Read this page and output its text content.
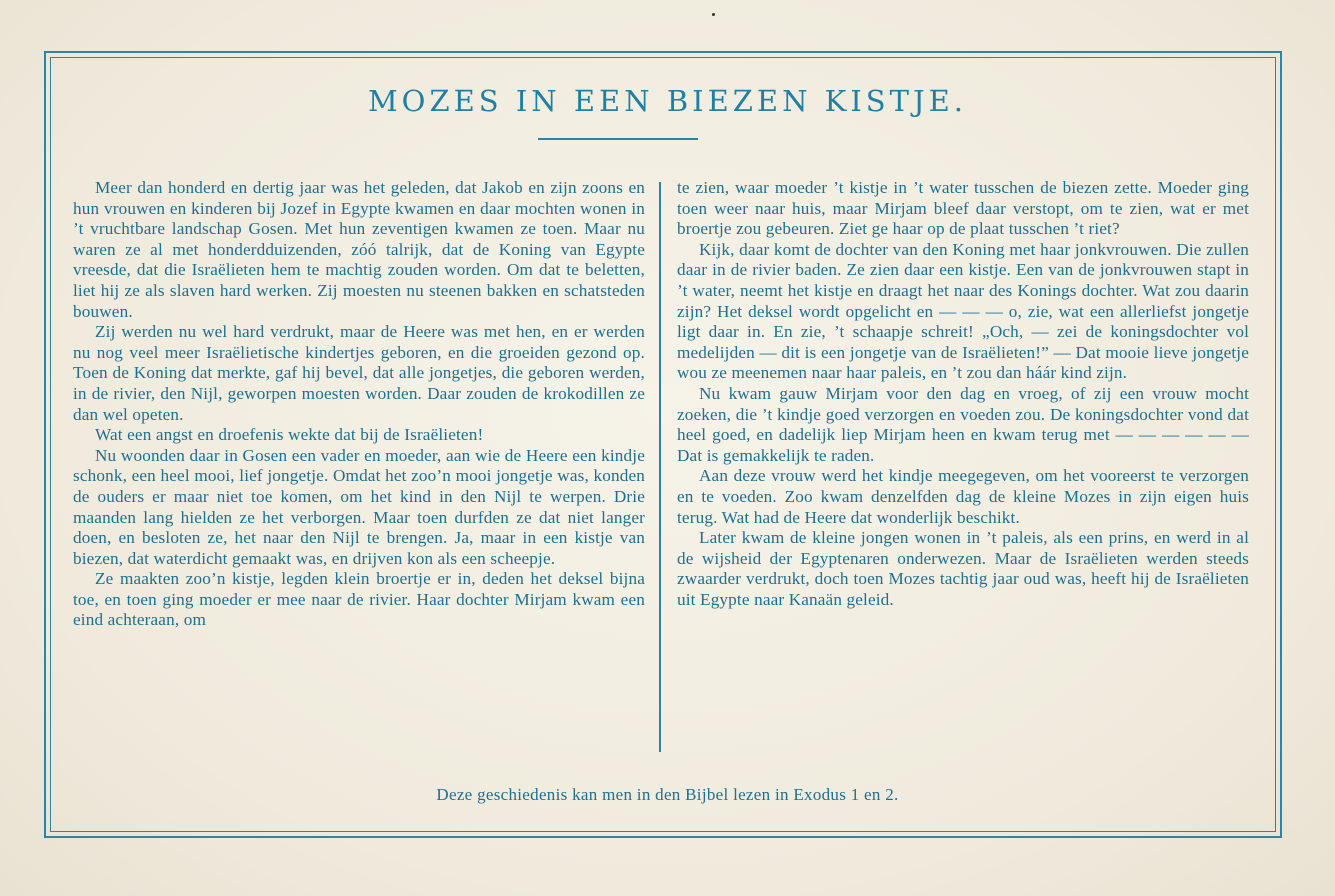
MOZES IN EEN BIEZEN KISTJE.

Meer dan honderd en dertig jaar was het geleden, dat Jakob en zijn zoons en hun vrouwen en kinderen bij Jozef in Egypte kwamen en daar mochten wonen in ’t vruchtbare landschap Gosen. Met hun zeventigen kwamen ze toen. Maar nu waren ze al met honderdduizenden, zóó talrijk, dat de Koning van Egypte vreesde, dat die Israëlieten hem te machtig zouden worden. Om dat te beletten, liet hij ze als slaven hard werken. Zij moesten nu steenen bakken en schatsteden bouwen.

Zij werden nu wel hard verdrukt, maar de Heere was met hen, en er werden nu nog veel meer Israëlietische kindertjes geboren, en die groeiden gezond op. Toen de Koning dat merkte, gaf hij bevel, dat alle jongetjes, die geboren werden, in de rivier, den Nijl, geworpen moesten worden. Daar zouden de krokodillen ze dan wel opeten.

Wat een angst en droefenis wekte dat bij de Israëlieten!

Nu woonden daar in Gosen een vader en moeder, aan wie de Heere een kindje schonk, een heel mooi, lief jongetje. Omdat het zoo’n mooi jongetje was, konden de ouders er maar niet toe komen, om het kind in den Nijl te werpen. Drie maanden lang hielden ze het verborgen. Maar toen durfden ze dat niet langer doen, en besloten ze, het naar den Nijl te brengen. Ja, maar in een kistje van biezen, dat waterdicht gemaakt was, en drijven kon als een scheepje.

Ze maakten zoo’n kistje, legden klein broertje er in, deden het deksel bijna toe, en toen ging moeder er mee naar de rivier. Haar dochter Mirjam kwam een eind achteraan, om

te zien, waar moeder ’t kistje in ’t water tusschen de biezen zette. Moeder ging toen weer naar huis, maar Mirjam bleef daar verstopt, om te zien, wat er met broertje zou gebeuren. Ziet ge haar op de plaat tusschen ’t riet?

Kijk, daar komt de dochter van den Koning met haar jonkvrouwen. Die zullen daar in de rivier baden. Ze zien daar een kistje. Een van de jonkvrouwen stapt in ’t water, neemt het kistje en draagt het naar des Konings dochter. Wat zou daarin zijn? Het deksel wordt opgelicht en — — — o, zie, wat een allerliefst jongetje ligt daar in. En zie, ’t schaapje schreit! „Och, — zei de koningsdochter vol medelijden — dit is een jongetje van de Israëlieten!” — Dat mooie lieve jongetje wou ze meenemen naar haar paleis, en ’t zou dan háár kind zijn.

Nu kwam gauw Mirjam voor den dag en vroeg, of zij een vrouw mocht zoeken, die ’t kindje goed verzorgen en voeden zou. De koningsdochter vond dat heel goed, en dadelijk liep Mirjam heen en kwam terug met — — — — — — Dat is gemakkelijk te raden.

Aan deze vrouw werd het kindje meegegeven, om het vooreerst te verzorgen en te voeden. Zoo kwam denzelfden dag de kleine Mozes in zijn eigen huis terug. Wat had de Heere dat wonderlijk beschikt.

Later kwam de kleine jongen wonen in ’t paleis, als een prins, en werd in al de wijsheid der Egyptenaren onderwezen. Maar de Israëlieten werden steeds zwaarder verdrukt, doch toen Mozes tachtig jaar oud was, heeft hij de Israëlieten uit Egypte naar Kanaän geleid.

Deze geschiedenis kan men in den Bijbel lezen in Exodus 1 en 2.
